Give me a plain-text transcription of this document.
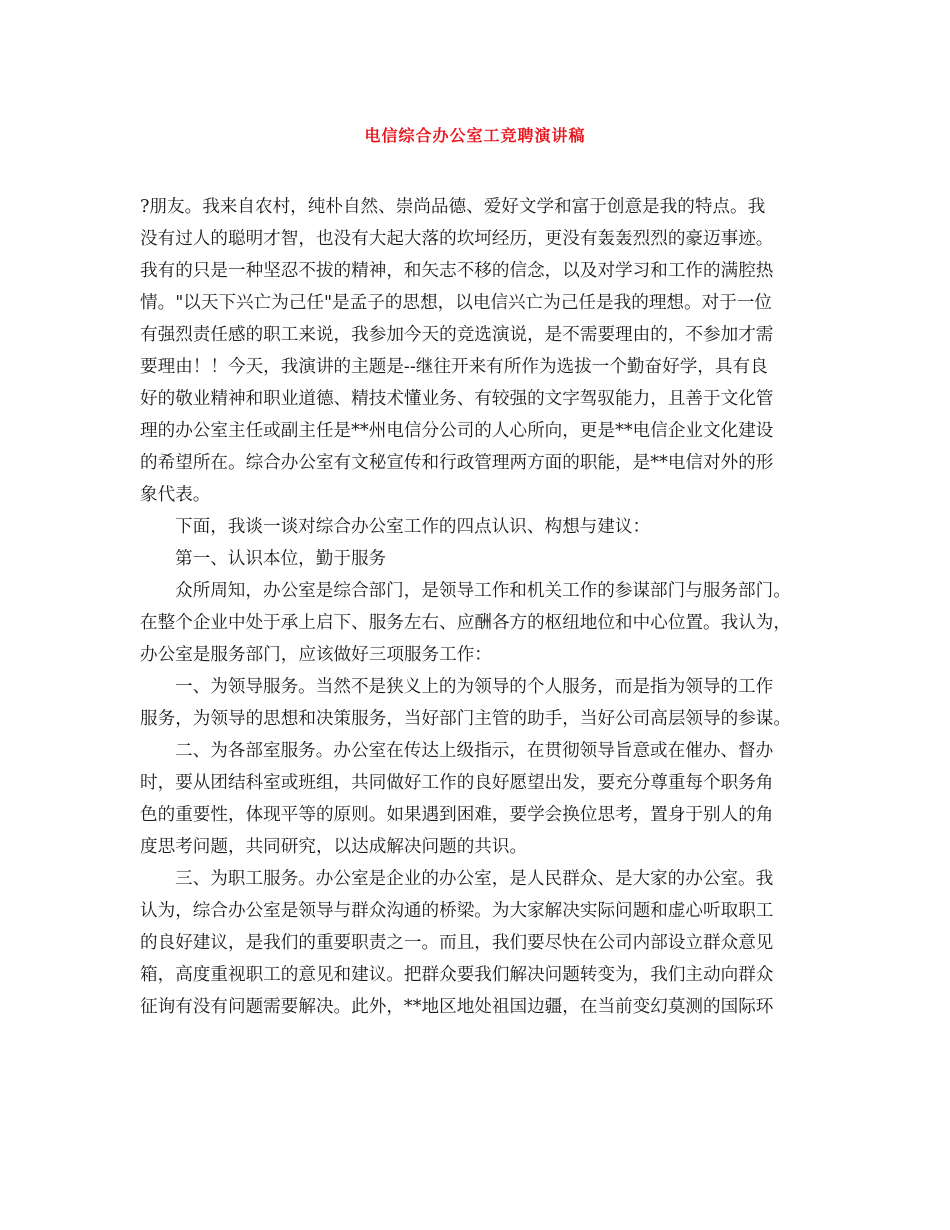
电信综合办公室工竞聘演讲稿
?朋友。我来自农村，纯朴自然、崇尚品德、爱好文学和富于创意是我的特点。我
没有过人的聪明才智，也没有大起大落的坎坷经历，更没有轰轰烈烈的豪迈事迹。
我有的只是一种坚忍不拔的精神，和矢志不移的信念，以及对学习和工作的满腔热
情。"以天下兴亡为己任"是孟子的思想，以电信兴亡为己任是我的理想。对于一位
有强烈责任感的职工来说，我参加今天的竞选演说，是不需要理由的，不参加才需
要理由！！今天，我演讲的主题是--继往开来有所作为选拔一个勤奋好学，具有良
好的敬业精神和职业道德、精技术懂业务、有较强的文字驾驭能力，且善于文化管
理的办公室主任或副主任是**州电信分公司的人心所向，更是**电信企业文化建设
的希望所在。综合办公室有文秘宣传和行政管理两方面的职能，是**电信对外的形
象代表。
下面，我谈一谈对综合办公室工作的四点认识、构想与建议：
第一、认识本位，勤于服务
众所周知，办公室是综合部门，是领导工作和机关工作的参谋部门与服务部门。
在整个企业中处于承上启下、服务左右、应酬各方的枢纽地位和中心位置。我认为，
办公室是服务部门，应该做好三项服务工作：
一、为领导服务。当然不是狭义上的为领导的个人服务，而是指为领导的工作
服务，为领导的思想和决策服务，当好部门主管的助手，当好公司高层领导的参谋。
二、为各部室服务。办公室在传达上级指示，在贯彻领导旨意或在催办、督办
时，要从团结科室或班组，共同做好工作的良好愿望出发，要充分尊重每个职务角
色的重要性，体现平等的原则。如果遇到困难，要学会换位思考，置身于别人的角
度思考问题，共同研究，以达成解决问题的共识。
三、为职工服务。办公室是企业的办公室，是人民群众、是大家的办公室。我
认为，综合办公室是领导与群众沟通的桥梁。为大家解决实际问题和虚心听取职工
的良好建议，是我们的重要职责之一。而且，我们要尽快在公司内部设立群众意见
箱，高度重视职工的意见和建议。把群众要我们解决问题转变为，我们主动向群众
征询有没有问题需要解决。此外，**地区地处祖国边疆，在当前变幻莫测的国际环
